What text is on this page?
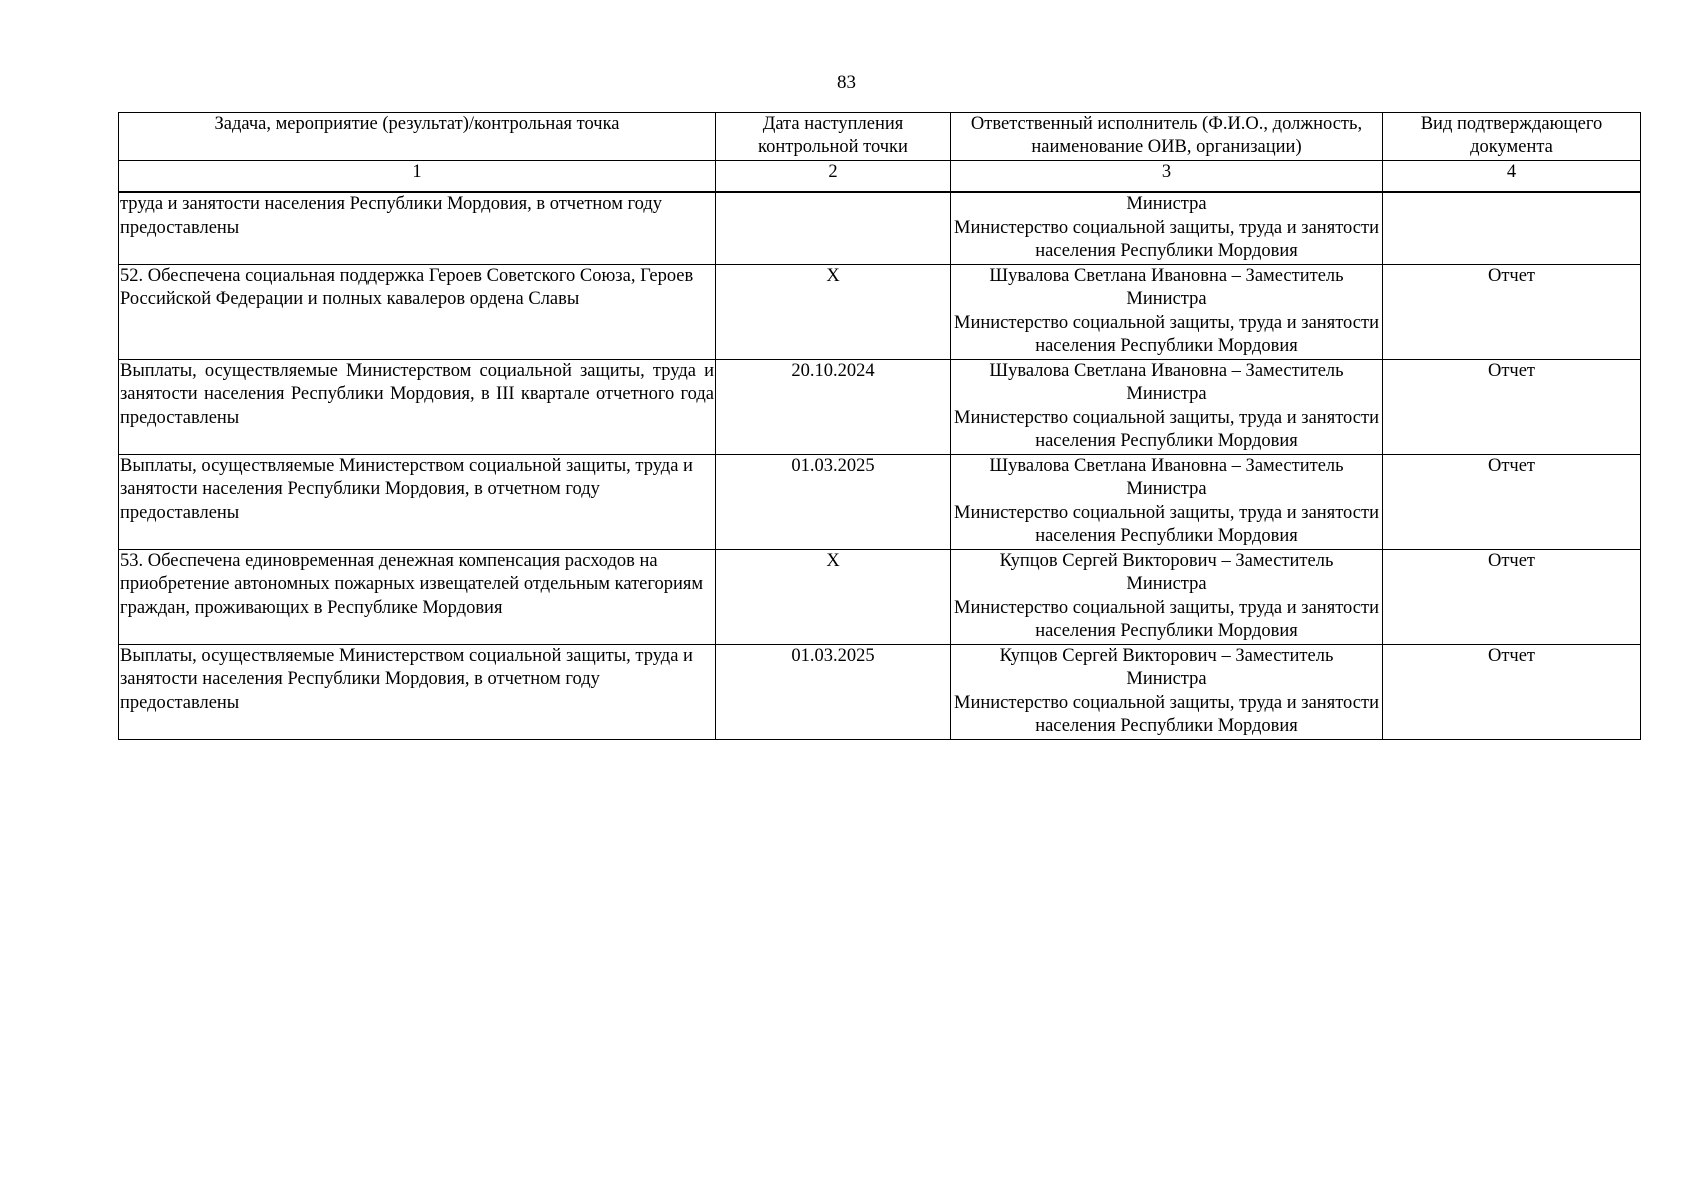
83
Задача, мероприятие (результат)/контрольная точка	Дата наступления контрольной точки	Ответственный исполнитель (Ф.И.О., должность, наименование ОИВ, организации)	Вид подтверждающего документа
1	2	3	4
труда и занятости населения Республики Мордовия, в отчетном году предоставлены		Министра
Министерство социальной защиты, труда и занятости населения Республики Мордовия	

52. Обеспечена социальная поддержка Героев Советского Союза, Героев Российской Федерации и полных кавалеров ордена Славы	Х	Шувалова Светлана Ивановна – Заместитель
Министра
Министерство социальной защиты, труда и занятости населения Республики Мордовия	Отчет
Выплаты, осуществляемые Министерством социальной защиты, труда и занятости населения Республики Мордовия, в III квартале отчетного года предоставлены	20.10.2024	Шувалова Светлана Ивановна – Заместитель
Министра
Министерство социальной защиты, труда и занятости населения Республики Мордовия	Отчет
Выплаты, осуществляемые Министерством социальной защиты, труда и занятости населения Республики Мордовия, в отчетном году предоставлены	01.03.2025	Шувалова Светлана Ивановна – Заместитель
Министра
Министерство социальной защиты, труда и занятости населения Республики Мордовия	Отчет
53. Обеспечена единовременная денежная компенсация расходов на приобретение автономных пожарных извещателей отдельным категориям граждан, проживающих в Республике Мордовия	Х	Купцов Сергей Викторович – Заместитель
Министра
Министерство социальной защиты, труда и занятости населения Республики Мордовия	Отчет
Выплаты, осуществляемые Министерством социальной защиты, труда и занятости населения Республики Мордовия, в отчетном году предоставлены	01.03.2025	Купцов Сергей Викторович – Заместитель
Министра
Министерство социальной защиты, труда и занятости населения Республики Мордовия	Отчет
